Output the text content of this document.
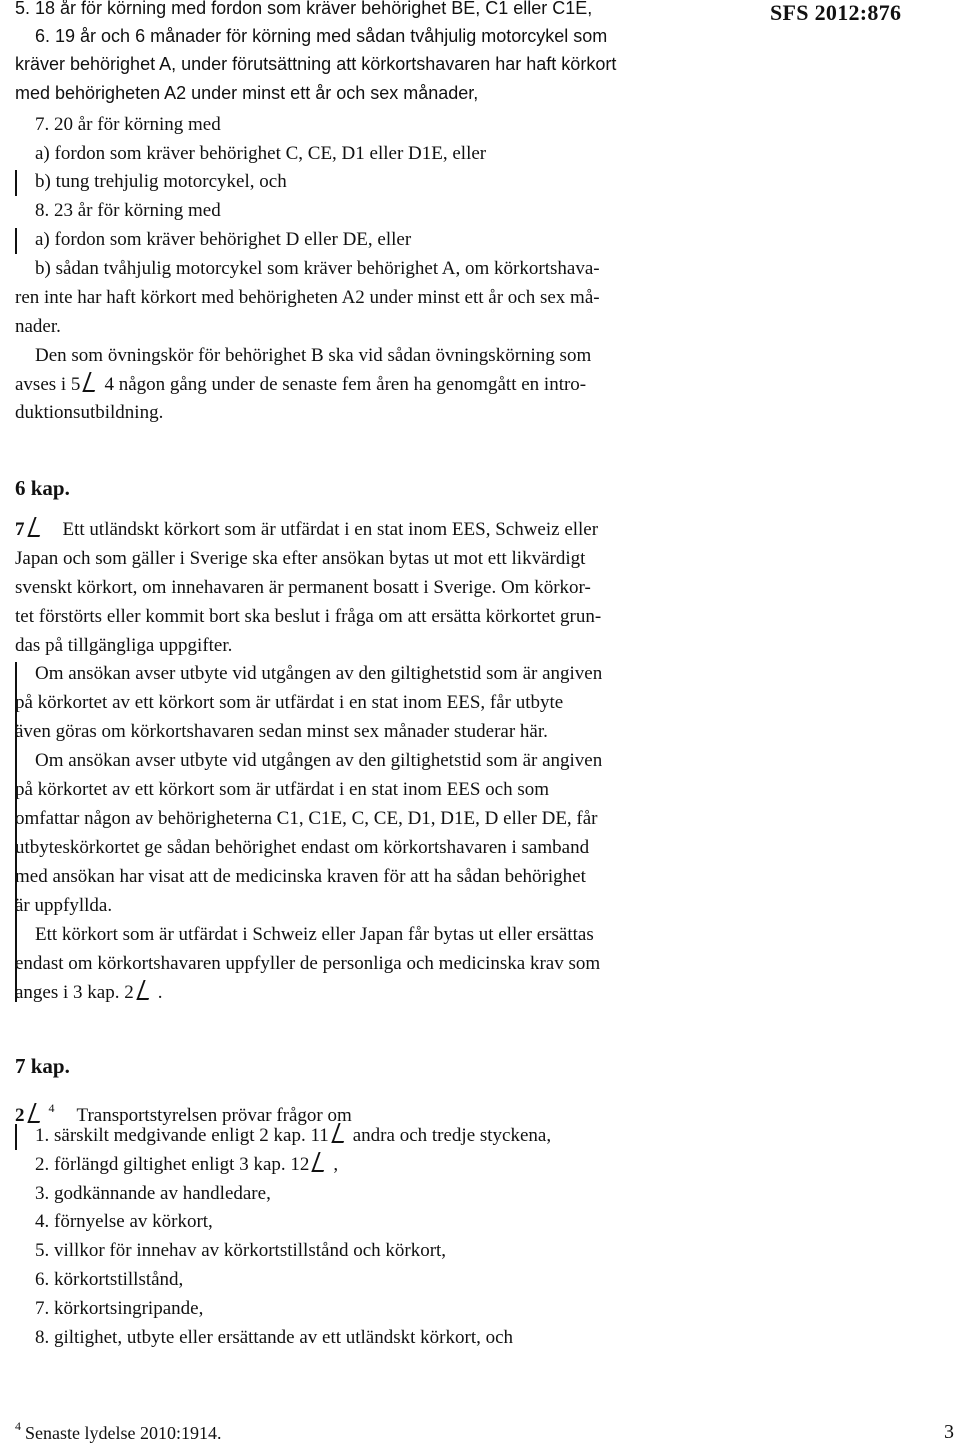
SFS 2012:876
5. 18 år för körning med fordon som kräver behörighet BE, C1 eller C1E,
6. 19 år och 6 månader för körning med sådan tvåhjulig motorcykel som
kräver behörighet A, under förutsättning att körkortshavaren har haft körkort
med behörigheten A2 under minst ett år och sex månader,
7. 20 år för körning med
a) fordon som kräver behörighet C, CE, D1 eller D1E, eller
b) tung trehjulig motorcykel, och
8. 23 år för körning med
a) fordon som kräver behörighet D eller DE, eller
b) sådan tvåhjulig motorcykel som kräver behörighet A, om körkortshava-
ren inte har haft körkort med behörigheten A2 under minst ett år och sex må-
nader.
Den som övningskör för behörighet B ska vid sådan övningskörning som
avses i 5 4 någon gång under de senaste fem åren ha genomgått en intro-
duktionsutbildning.
6 kap.
7 Ett utländskt körkort som är utfärdat i en stat inom EES, Schweiz eller
Japan och som gäller i Sverige ska efter ansökan bytas ut mot ett likvärdigt
svenskt körkort, om innehavaren är permanent bosatt i Sverige. Om körkor-
tet förstörts eller kommit bort ska beslut i fråga om att ersätta körkortet grun-
das på tillgängliga uppgifter.
Om ansökan avser utbyte vid utgången av den giltighetstid som är angiven
på körkortet av ett körkort som är utfärdat i en stat inom EES, får utbyte
även göras om körkortshavaren sedan minst sex månader studerar här.
Om ansökan avser utbyte vid utgången av den giltighetstid som är angiven
på körkortet av ett körkort som är utfärdat i en stat inom EES och som
omfattar någon av behörigheterna C1, C1E, C, CE, D1, D1E, D eller DE, får
utbyteskörkortet ge sådan behörighet endast om körkortshavaren i samband
med ansökan har visat att de medicinska kraven för att ha sådan behörighet
är uppfyllda.
Ett körkort som är utfärdat i Schweiz eller Japan får bytas ut eller ersättas
endast om körkortshavaren uppfyller de personliga och medicinska krav som
anges i 3 kap. 2 .
7 kap.
2 $^4$ Transportstyrelsen prövar frågor om
1. särskilt medgivande enligt 2 kap. 11 andra och tredje styckena,
2. förlängd giltighet enligt 3 kap. 12 ,
3. godkännande av handledare,
4. förnyelse av körkort,
5. villkor för innehav av körkortstillstånd och körkort,
6. körkortstillstånd,
7. körkortsingripande,
8. giltighet, utbyte eller ersättande av ett utländskt körkort, och
$^4$ Senaste lydelse 2010:1914.	3
